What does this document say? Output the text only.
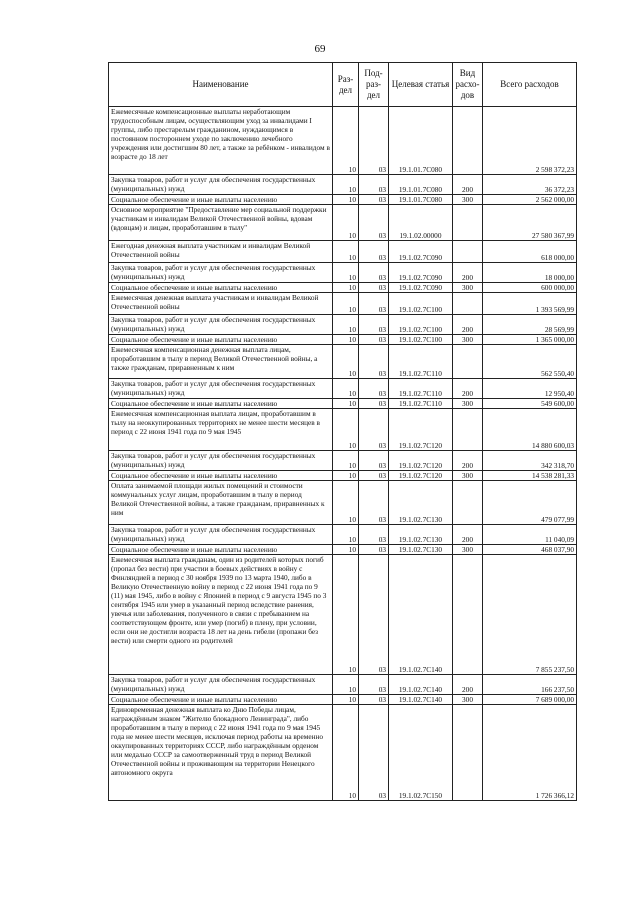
69
Наименование	Раз-дел	Под-раз-дел	Целевая статья	Вид расхо-дов	Всего расходов
Ежемесячные компенсационные выплаты неработающим трудоспособным лицам, осуществляющим уход за инвалидами I группы, либо престарелым гражданином, нуждающимся в постоянном постороннем уходе по заключению лечебного учреждения или достигшим 80 лет, а также за ребёнком - инвалидом в возрасте до 18 лет	10	03	19.1.01.7С080		2 598 372,23
Закупка товаров, работ и услуг для обеспечения государственных (муниципальных) нужд	10	03	19.1.01.7С080	200	36 372,23
Социальное обеспечение и иные выплаты населению	10	03	19.1.01.7С080	300	2 562 000,00
Основное мероприятие "Предоставление мер социальной поддержки участникам и инвалидам Великой Отечественной войны, вдовам (вдовцам) и лицам, проработавшим в тылу"	10	03	19.1.02.00000		27 580 367,99
Ежегодная денежная выплата участникам и инвалидам Великой Отечественной войны	10	03	19.1.02.7С090		618 000,00
Закупка товаров, работ и услуг для обеспечения государственных (муниципальных) нужд	10	03	19.1.02.7С090	200	18 000,00
Социальное обеспечение и иные выплаты населению	10	03	19.1.02.7С090	300	600 000,00
Ежемесячная денежная выплата участникам и инвалидам Великой Отечественной войны	10	03	19.1.02.7С100		1 393 569,99
Закупка товаров, работ и услуг для обеспечения государственных (муниципальных) нужд	10	03	19.1.02.7С100	200	28 569,99
Социальное обеспечение и иные выплаты населению	10	03	19.1.02.7С100	300	1 365 000,00
Ежемесячная компенсационная денежная выплата лицам, проработавшим в тылу в период Великой Отечественной войны, а также гражданам, приравненным к ним	10	03	19.1.02.7С110		562 550,40
Закупка товаров, работ и услуг для обеспечения государственных (муниципальных) нужд	10	03	19.1.02.7С110	200	12 950,40
Социальное обеспечение и иные выплаты населению	10	03	19.1.02.7С110	300	549 600,00
Ежемесячная компенсационная выплата лицам, проработавшим в тылу на неоккупированных территориях не менее шести месяцев в период с 22 июня 1941 года по 9 мая 1945	10	03	19.1.02.7С120		14 880 600,03
Закупка товаров, работ и услуг для обеспечения государственных (муниципальных) нужд	10	03	19.1.02.7С120	200	342 318,70
Социальное обеспечение и иные выплаты населению	10	03	19.1.02.7С120	300	14 538 281,33
Оплата занимаемой площади жилых помещений и стоимости коммунальных услуг лицам, проработавшим в тылу в период Великой Отечественной войны, а также гражданам, приравненных к ним	10	03	19.1.02.7С130		479 077,99
Закупка товаров, работ и услуг для обеспечения государственных (муниципальных) нужд	10	03	19.1.02.7С130	200	11 040,09
Социальное обеспечение и иные выплаты населению	10	03	19.1.02.7С130	300	468 037,90
Ежемесячная выплата гражданам, один из родителей которых погиб (пропал без вести) при участии в боевых действиях в войну с Финляндией в период с 30 ноября 1939 по 13 марта 1940, либо в Великую Отечественную войну в период с 22 июня 1941 года по 9 (11) мая 1945, либо в войну с Японией в период с 9 августа 1945 по 3 сентября 1945 или умер в указанный период вследствие ранения, увечья или заболевания, полученного в связи с пребыванием на соответствующем фронте, или умер (погиб) в плену, при условии, если они не достигли возраста 18 лет на день гибели (пропажи без вести) или смерти одного из родителей	10	03	19.1.02.7С140		7 855 237,50
Закупка товаров, работ и услуг для обеспечения государственных (муниципальных) нужд	10	03	19.1.02.7С140	200	166 237,50
Социальное обеспечение и иные выплаты населению	10	03	19.1.02.7С140	300	7 689 000,00
Единовременная денежная выплата ко Дню Победы лицам, награждённым знаком "Жителю блокадного Ленинграда", либо проработавшим в тылу в период с 22 июня 1941 года по 9 мая 1945 года не менее шести месяцев, исключая период работы на временно оккупированных территориях СССР, либо награждённым орденом или медалью СССР за самоотверженный труд в период Великой Отечественной войны и проживающим на территории Ненецкого автономного округа	10	03	19.1.02.7С150		1 726 366,12
